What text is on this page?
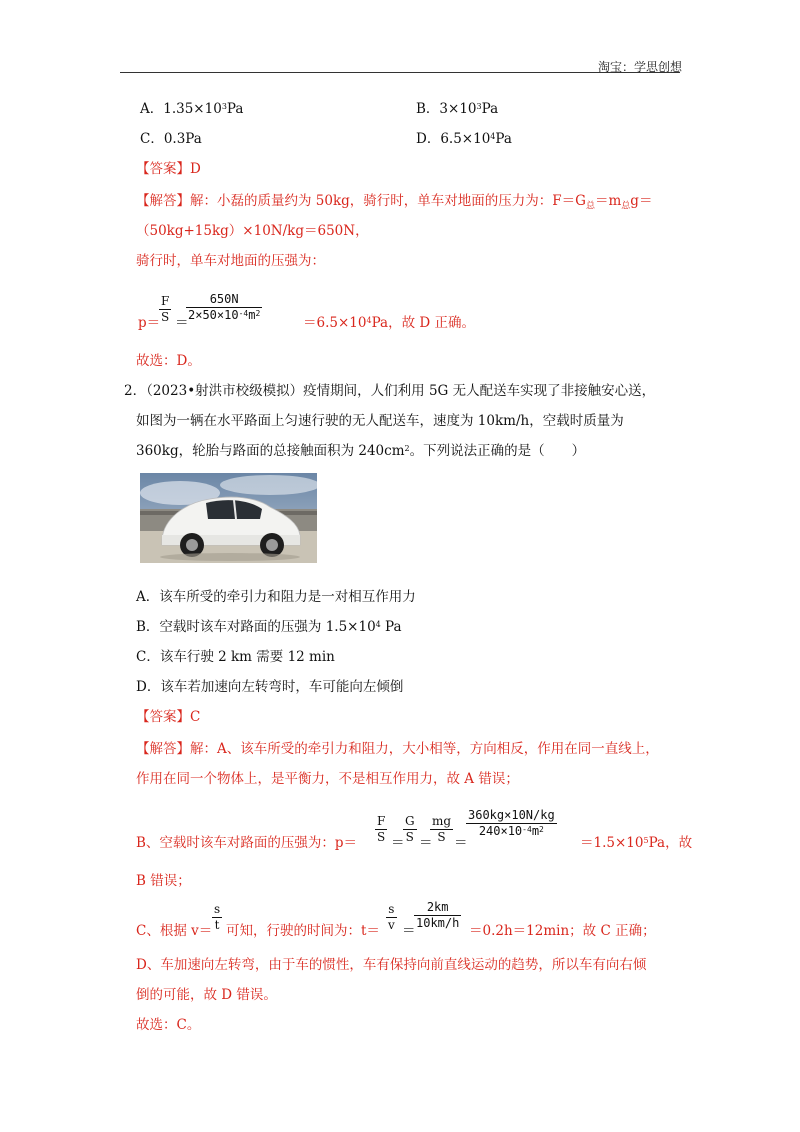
淘宝：学思创想
A．$1.35\times 10^3Pa$	B．$3\times 10^3Pa$
C．0.3Pa	D．$6.5\times 10^4Pa$
【答案】D
【解答】解：小磊的质量约为 50kg，骑行时，单车对地面的压力为：$F=G_总=m_总g=$
（50kg+15kg）×10N/kg＝650N，
骑行时，单车对地面的压强为：
p＝
F
S ＝
650N
$2\times 50\times 10^{-4}m^2$
$=6.5\times 10^4Pa$，故 D 正确。
故选：D。
2．（2023•射洪市校级模拟）疫情期间，人们利用 5G 无人配送车实现了非接触安心送，
如图为一辆在水平路面上匀速行驶的无人配送车，速度为 10km/h，空载时质量为
360kg，轮胎与路面的总接触面积为 $240cm^2$。下列说法正确的是（　　）
A．该车所受的牵引力和阻力是一对相互作用力
B．空载时该车对路面的压强为 $1.5\times 10^4$ Pa
C．该车行驶 2 km 需要 12 min
D．该车若加速向左转弯时，车可能向左倾倒
【答案】C
【解答】解：A、该车所受的牵引力和阻力，大小相等，方向相反，作用在同一直线上，
作用在同一个物体上，是平衡力，不是相互作用力，故 A 错误；
B、空载时该车对路面的压强为：p＝
F
S ＝
G
S ＝
mg
S ＝
360kg×10N/kg
$240\times 10^{-4}m^2$
$=1.5\times 10^5Pa$，故
B 错误；
C、根据 v＝
s
t 可知，行驶的时间为：t＝
s
v ＝
2km
10km/h ＝0.2h＝12min；故 C 正确；
D、车加速向左转弯，由于车的惯性，车有保持向前直线运动的趋势，所以车有向右倾
倒的可能，故 D 错误。
故选：C。
